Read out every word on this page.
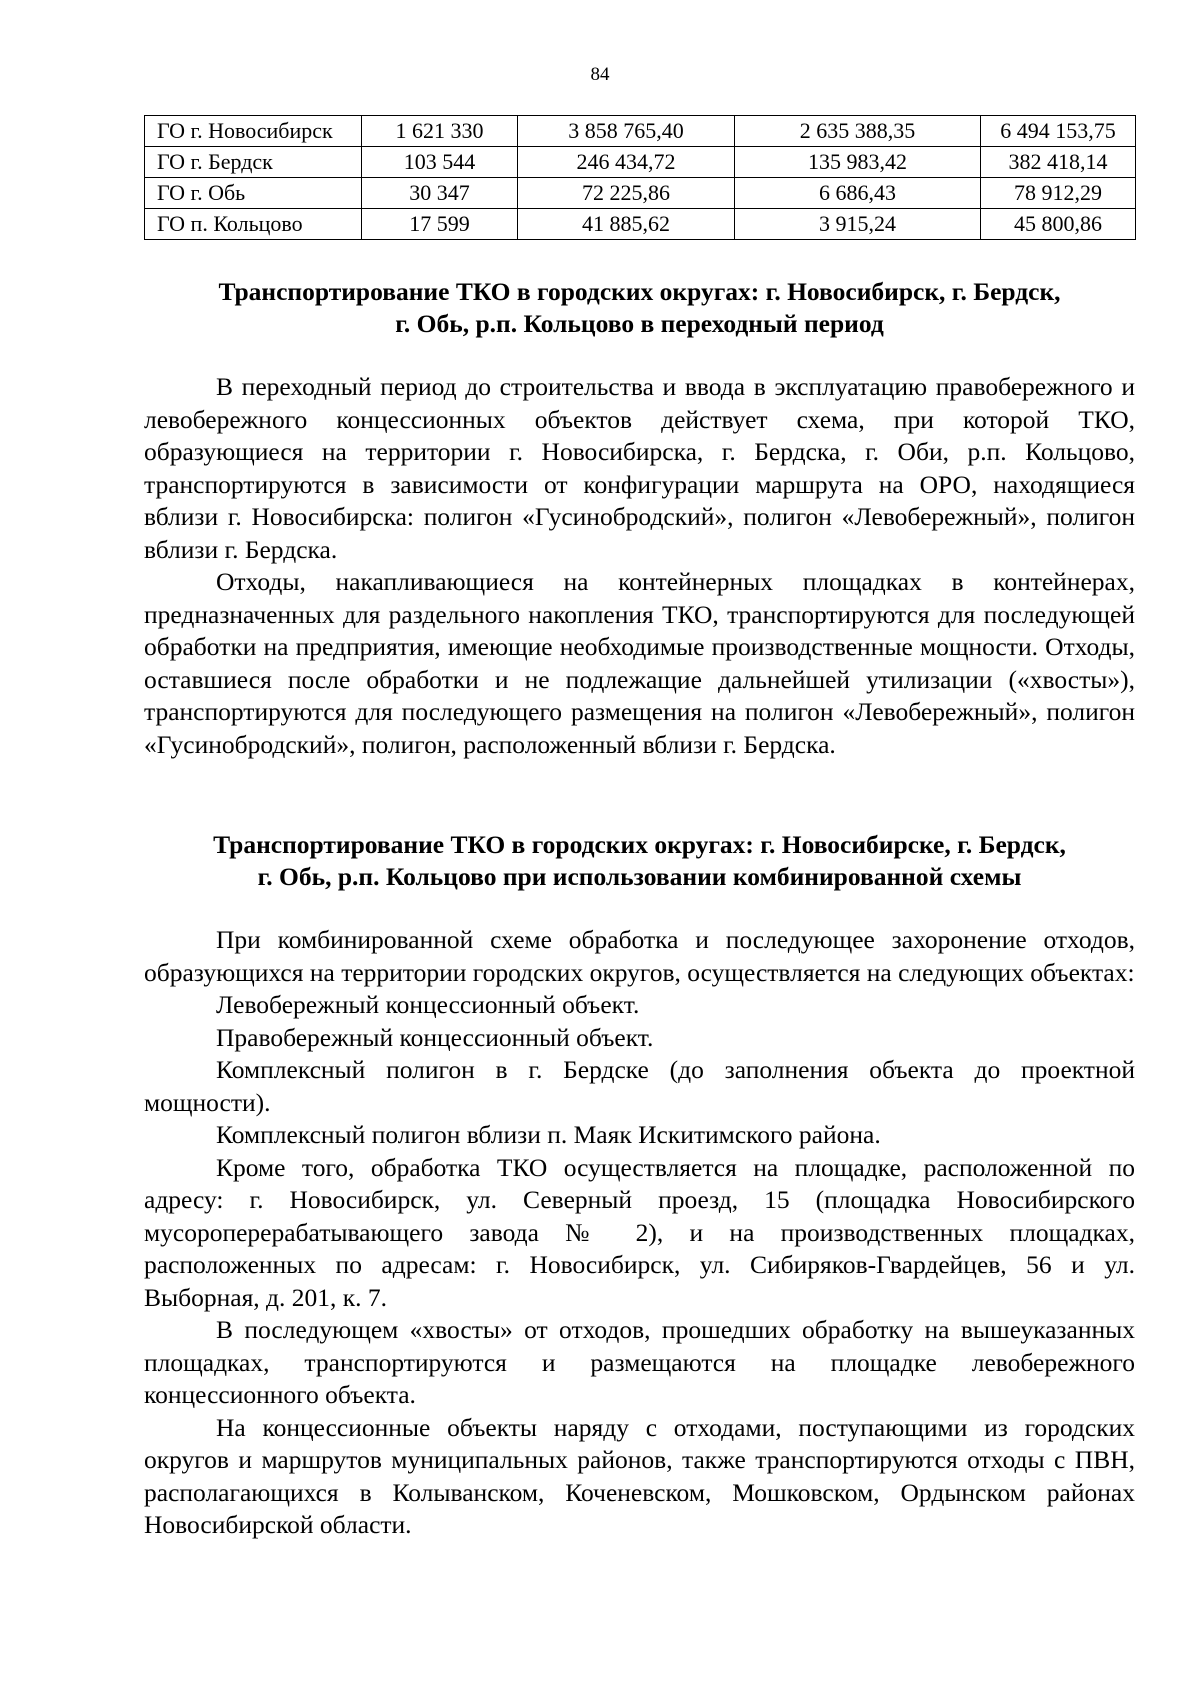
84
ГО г. Новосибирск	1 621 330	3 858 765,40	2 635 388,35	6 494 153,75
ГО г. Бердск	103 544	246 434,72	135 983,42	382 418,14
ГО г. Обь	30 347	72 225,86	6 686,43	78 912,29
ГО п. Кольцово	17 599	41 885,62	3 915,24	45 800,86
Транспортирование ТКО в городских округах: г. Новосибирск, г. Бердск,
г. Обь, р.п. Кольцово в переходный период

В переходный период до строительства и ввода в эксплуатацию правобережного и левобережного концессионных объектов действует схема, при которой ТКО, образующиеся на территории г. Новосибирска, г. Бердска, г. Оби, р.п. Кольцово, транспортируются в зависимости от конфигурации маршрута на ОРО, находящиеся вблизи г. Новосибирска: полигон «Гусинобродский», полигон «Левобережный», полигон вблизи г. Бердска.

Отходы, накапливающиеся на контейнерных площадках в контейнерах, предназначенных для раздельного накопления ТКО, транспортируются для последующей обработки на предприятия, имеющие необходимые производственные мощности. Отходы, оставшиеся после обработки и не подлежащие дальнейшей утилизации («хвосты»), транспортируются для последующего размещения на полигон «Левобережный», полигон «Гусинобродский», полигон, расположенный вблизи г. Бердска.

Транспортирование ТКО в городских округах: г. Новосибирске, г. Бердск,
г. Обь, р.п. Кольцово при использовании комбинированной схемы

При комбинированной схеме обработка и последующее захоронение отходов, образующихся на территории городских округов, осуществляется на следующих объектах:

Левобережный концессионный объект.

Правобережный концессионный объект.

Комплексный полигон в г. Бердске (до заполнения объекта до проектной мощности).

Комплексный полигон вблизи п. Маяк Искитимского района.

Кроме того, обработка ТКО осуществляется на площадке, расположенной по адресу: г. Новосибирск, ул. Северный проезд, 15 (площадка Новосибирского мусороперерабатывающего завода № 2), и на производственных площадках, расположенных по адресам: г. Новосибирск, ул. Сибиряков-Гвардейцев, 56 и ул. Выборная, д. 201, к. 7.

В последующем «хвосты» от отходов, прошедших обработку на вышеуказанных площадках, транспортируются и размещаются на площадке левобережного концессионного объекта.

На концессионные объекты наряду с отходами, поступающими из городских округов и маршрутов муниципальных районов, также транспортируются отходы с ПВН, располагающихся в Колыванском, Коченевском, Мошковском, Ордынском районах Новосибирской области.
